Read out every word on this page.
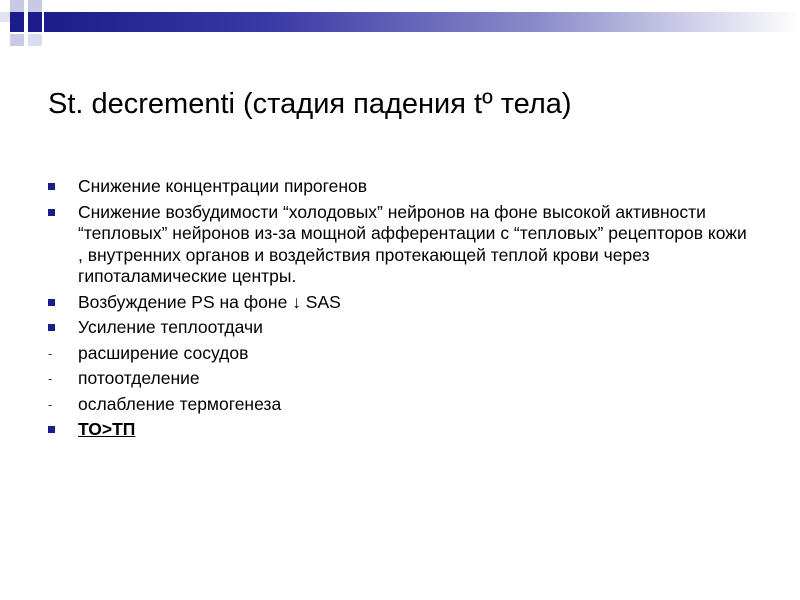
St. decrementi (стадия падения tº тела)
Снижение концентрации пирогенов
Снижение возбудимости “холодовых” нейронов на фоне высокой активности “тепловых” нейронов из-за мощной афферентации с “тепловых” рецепторов кожи , внутренних органов и воздействия протекающей теплой крови через гипоталамические центры.
Возбуждение PS на фоне ↓ SAS
Усиление теплоотдачи
-	расширение сосудов
-	потоотделение
-	ослабление термогенеза
ТО>ТП
